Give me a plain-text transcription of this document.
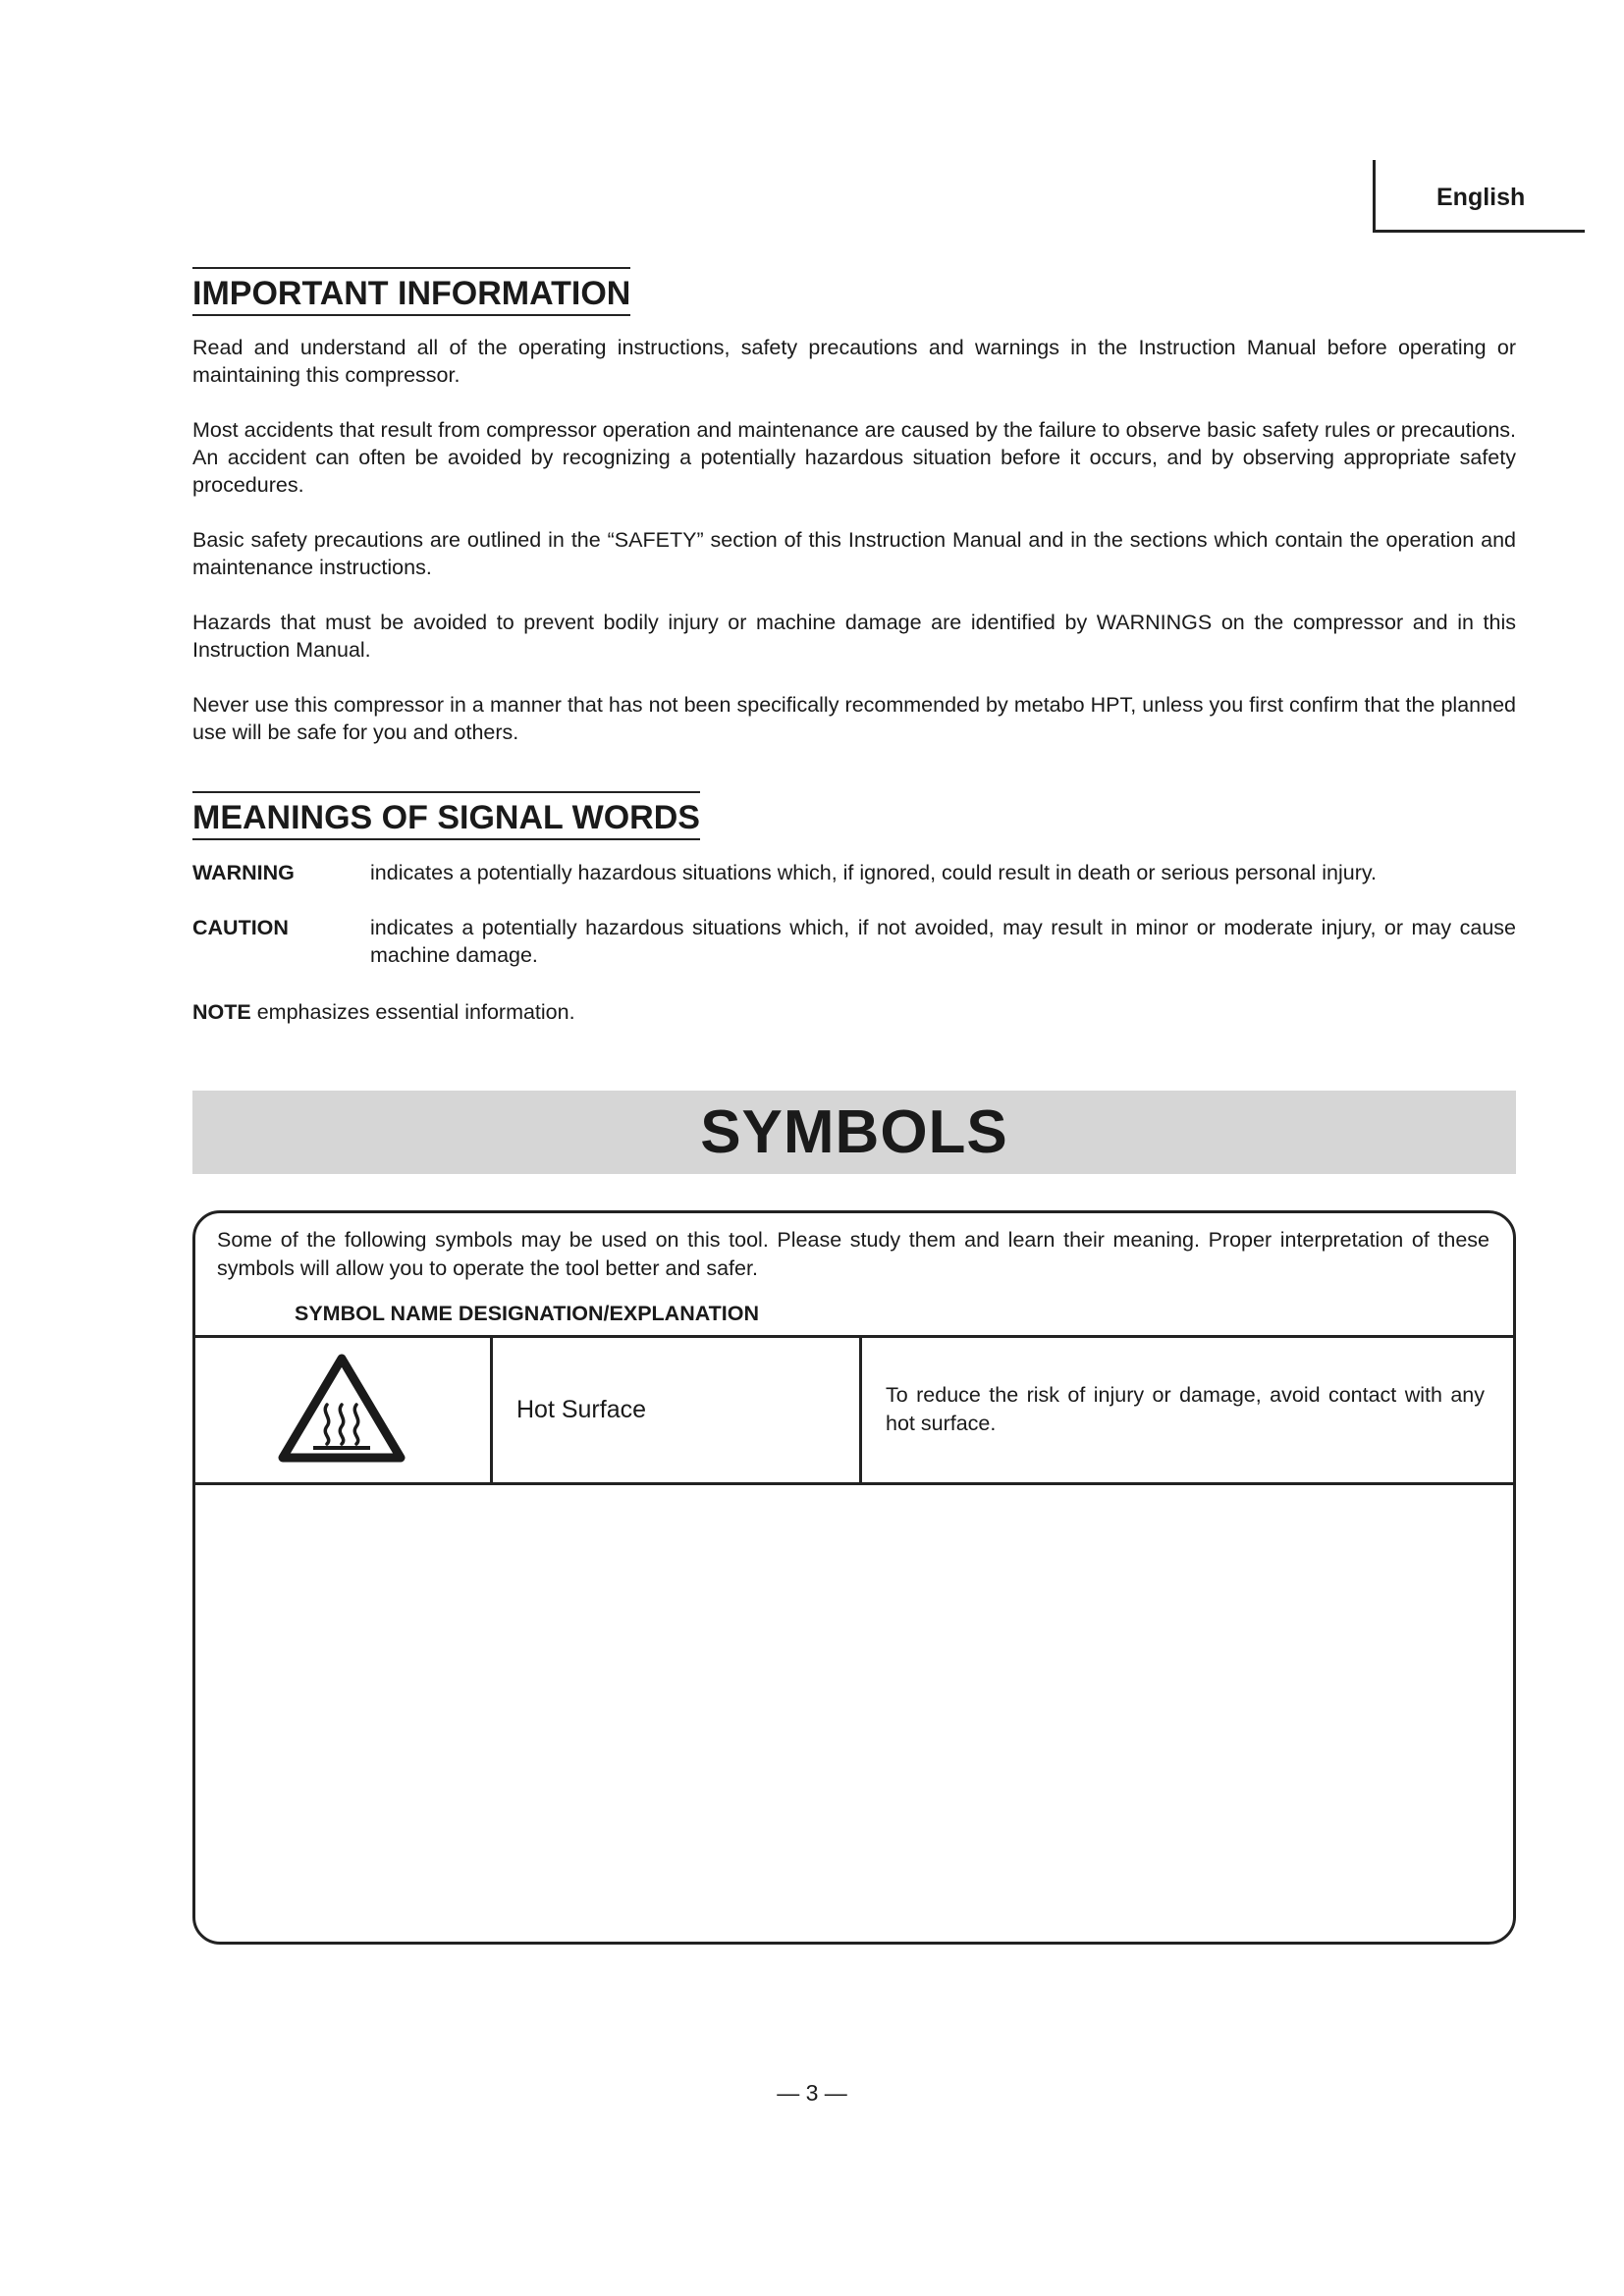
English
IMPORTANT INFORMATION

Read and understand all of the operating instructions, safety precautions and warnings in the Instruction Manual before operating or maintaining this compressor.

Most accidents that result from compressor operation and maintenance are caused by the failure to observe basic safety rules or precautions. An accident can often be avoided by recognizing a potentially hazardous situation before it occurs, and by observing appropriate safety procedures.

Basic safety precautions are outlined in the “SAFETY” section of this Instruction Manual and in the sections which contain the operation and maintenance instructions.

Hazards that must be avoided to prevent bodily injury or machine damage are identified by WARNINGS on the compressor and in this Instruction Manual.

Never use this compressor in a manner that has not been specifically recommended by metabo HPT, unless you first confirm that the planned use will be safe for you and others.

MEANINGS OF SIGNAL WORDS
WARNING	indicates a potentially hazardous situations which, if ignored, could result in death or serious personal injury.
CAUTION	indicates a potentially hazardous situations which, if not avoided, may result in minor or moderate injury, or may cause machine damage.
NOTE emphasizes essential information.
SYMBOLS
Some of the following symbols may be used on this tool. Please study them and learn their meaning. Proper interpretation of these symbols will allow you to operate the tool better and safer.
SYMBOL NAME DESIGNATION/EXPLANATION
Hot Surface
To reduce the risk of injury or damage, avoid contact with any hot surface.
— 3 —
